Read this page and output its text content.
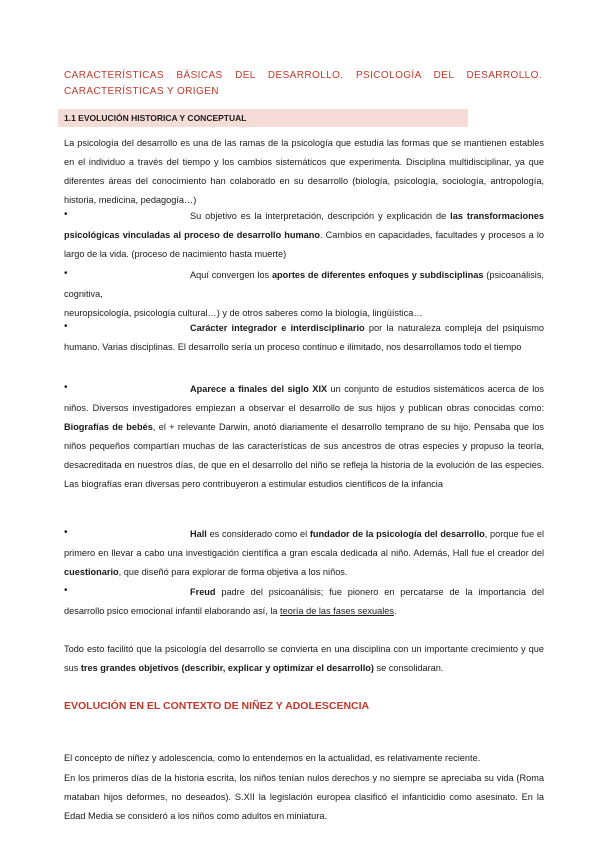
CARACTERÍSTICAS BÁSICAS DEL DESARROLLO. PSICOLOGÍA DEL DESARROLLO. CARACTERÍSTICAS Y ORIGEN
1.1 EVOLUCIÓN HISTORICA Y CONCEPTUAL

La psicología del desarrollo es una de las ramas de la psicología que estudia las formas que se mantienen estables en el individuo a través del tiempo y los cambios sistemáticos que experimenta. Disciplina multidisciplinar, ya que diferentes áreas del conocimiento han colaborado en su desarrollo (biología, psicología, sociología, antropología, historia, medicina, pedagogía…)

•	Su objetivo es la interpretación, descripción y explicación de las transformaciones psicológicas vinculadas al proceso de desarrollo humano. Cambios en capacidades, facultades y procesos a lo largo de la vida. (proceso de nacimiento hasta muerte)

•	Aquí convergen los aportes de diferentes enfoques y subdisciplinas (psicoanálisis, cognitiva,

neuropsicología, psicología cultural…) y de otros saberes como la biología, lingüística…

•	Carácter integrador e interdisciplinario por la naturaleza compleja del psiquismo humano. Varias disciplinas. El desarrollo sería un proceso continuo e ilimitado, nos desarrollamos todo el tiempo

•	Aparece a finales del siglo XIX un conjunto de estudios sistemáticos acerca de los niños. Diversos investigadores empiezan a observar el desarrollo de sus hijos y publican obras conocidas como: Biografías de bebés, el + relevante Darwin, anotó diariamente el desarrollo temprano de su hijo. Pensaba que los niños pequeños compartían muchas de las características de sus ancestros de otras especies y propuso la teoría, desacreditada en nuestros días, de que en el desarrollo del niño se refleja la historia de la evolución de las especies. Las biografías eran diversas pero contribuyeron a estimular estudios científicos de la infancia

•	Hall es considerado como el fundador de la psicología del desarrollo, porque fue el primero en llevar a cabo una investigación científica a gran escala dedicada al niño. Además, Hall fue el creador del cuestionario, que diseñó para explorar de forma objetiva a los niños.

•	Freud padre del psicoanálisis; fue pionero en percatarse de la importancia del desarrollo psico emocional infantil elaborando así, la teoría de las fases sexuales.

Todo esto facilitó que la psicología del desarrollo se convierta en una disciplina con un importante crecimiento y que sus tres grandes objetivos (describir, explicar y optimizar el desarrollo) se consolidaran.

EVOLUCIÓN EN EL CONTEXTO DE NIÑEZ Y ADOLESCENCIA

El concepto de niñez y adolescencia, como lo entendemos en la actualidad, es relativamente reciente.

En los primeros días de la historia escrita, los niños tenían nulos derechos y no siempre se apreciaba su vida (Roma mataban hijos deformes, no deseados). S.XII la legislación europea clasificó el infanticidio como asesinato. En la Edad Media se consideró a los niños como adultos en miniatura.
